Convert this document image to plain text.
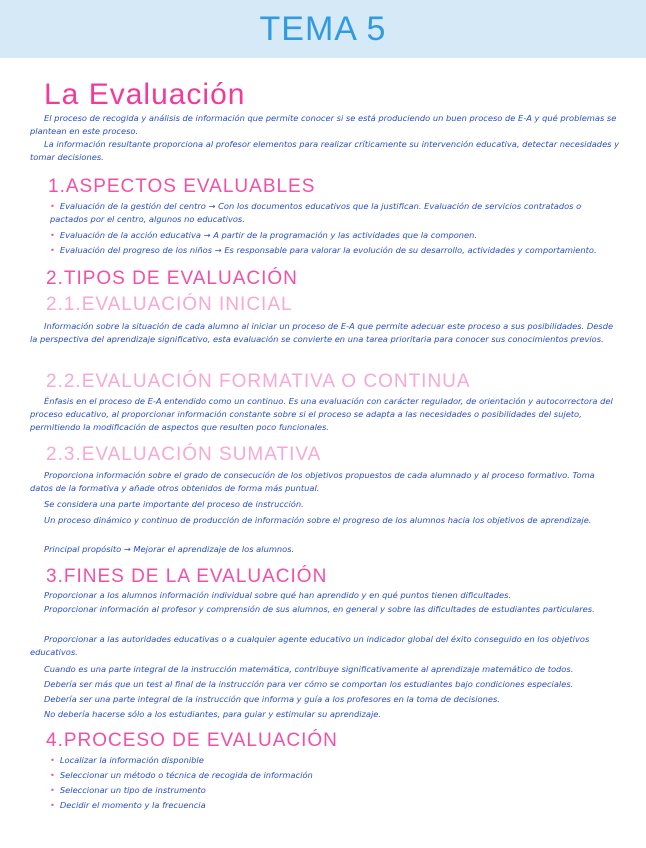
TEMA 5
La Evaluación

El proceso de recogida y análisis de información que permite conocer si se está produciendo un buen proceso de E-A y qué problemas se plantean en este proceso.

La información resultante proporciona al profesor elementos para realizar críticamente su intervención educativa, detectar necesidades y tomar decisiones.

1.ASPECTOS EVALUABLES
• Evaluación de la gestión del centro → Con los documentos educativos que la justifican. Evaluación de servicios contratados o pactados por el centro, algunos no educativos.
• Evaluación de la acción educativa → A partir de la programación y las actividades que la componen.
• Evaluación del progreso de los niños → Es responsable para valorar la evolución de su desarrollo, actividades y comportamiento.
2.TIPOS DE EVALUACIÓN
2.1.EVALUACIÓN INICIAL

Información sobre la situación de cada alumno al iniciar un proceso de E-A que permite adecuar este proceso a sus posibilidades. Desde la perspectiva del aprendizaje significativo, esta evaluación se convierte en una tarea prioritaria para conocer sus conocimientos previos.

2.2.EVALUACIÓN FORMATIVA O CONTINUA

Énfasis en el proceso de E-A entendido como un continuo. Es una evaluación con carácter regulador, de orientación y autocorrectora del proceso educativo, al proporcionar información constante sobre si el proceso se adapta a las necesidades o posibilidades del sujeto, permitiendo la modificación de aspectos que resulten poco funcionales.

2.3.EVALUACIÓN SUMATIVA

Proporciona información sobre el grado de consecución de los objetivos propuestos de cada alumnado y al proceso formativo. Toma datos de la formativa y añade otros obtenidos de forma más puntual.

Se considera una parte importante del proceso de instrucción.

Un proceso dinámico y continuo de producción de información sobre el progreso de los alumnos hacia los objetivos de aprendizaje.

Principal propósito → Mejorar el aprendizaje de los alumnos.

3.FINES DE LA EVALUACIÓN

Proporcionar a los alumnos información individual sobre qué han aprendido y en qué puntos tienen dificultades.

Proporcionar información al profesor y comprensión de sus alumnos, en general y sobre las dificultades de estudiantes particulares.

Proporcionar a las autoridades educativas o a cualquier agente educativo un indicador global del éxito conseguido en los objetivos educativos.

Cuando es una parte integral de la instrucción matemática, contribuye significativamente al aprendizaje matemático de todos.

Debería ser más que un test al final de la instrucción para ver cómo se comportan los estudiantes bajo condiciones especiales.

Debería ser una parte integral de la instrucción que informa y guía a los profesores en la toma de decisiones.

No debería hacerse sólo a los estudiantes, para guiar y estimular su aprendizaje.

4.PROCESO DE EVALUACIÓN
• Localizar la información disponible
• Seleccionar un método o técnica de recogida de información
• Seleccionar un tipo de instrumento
• Decidir el momento y la frecuencia
